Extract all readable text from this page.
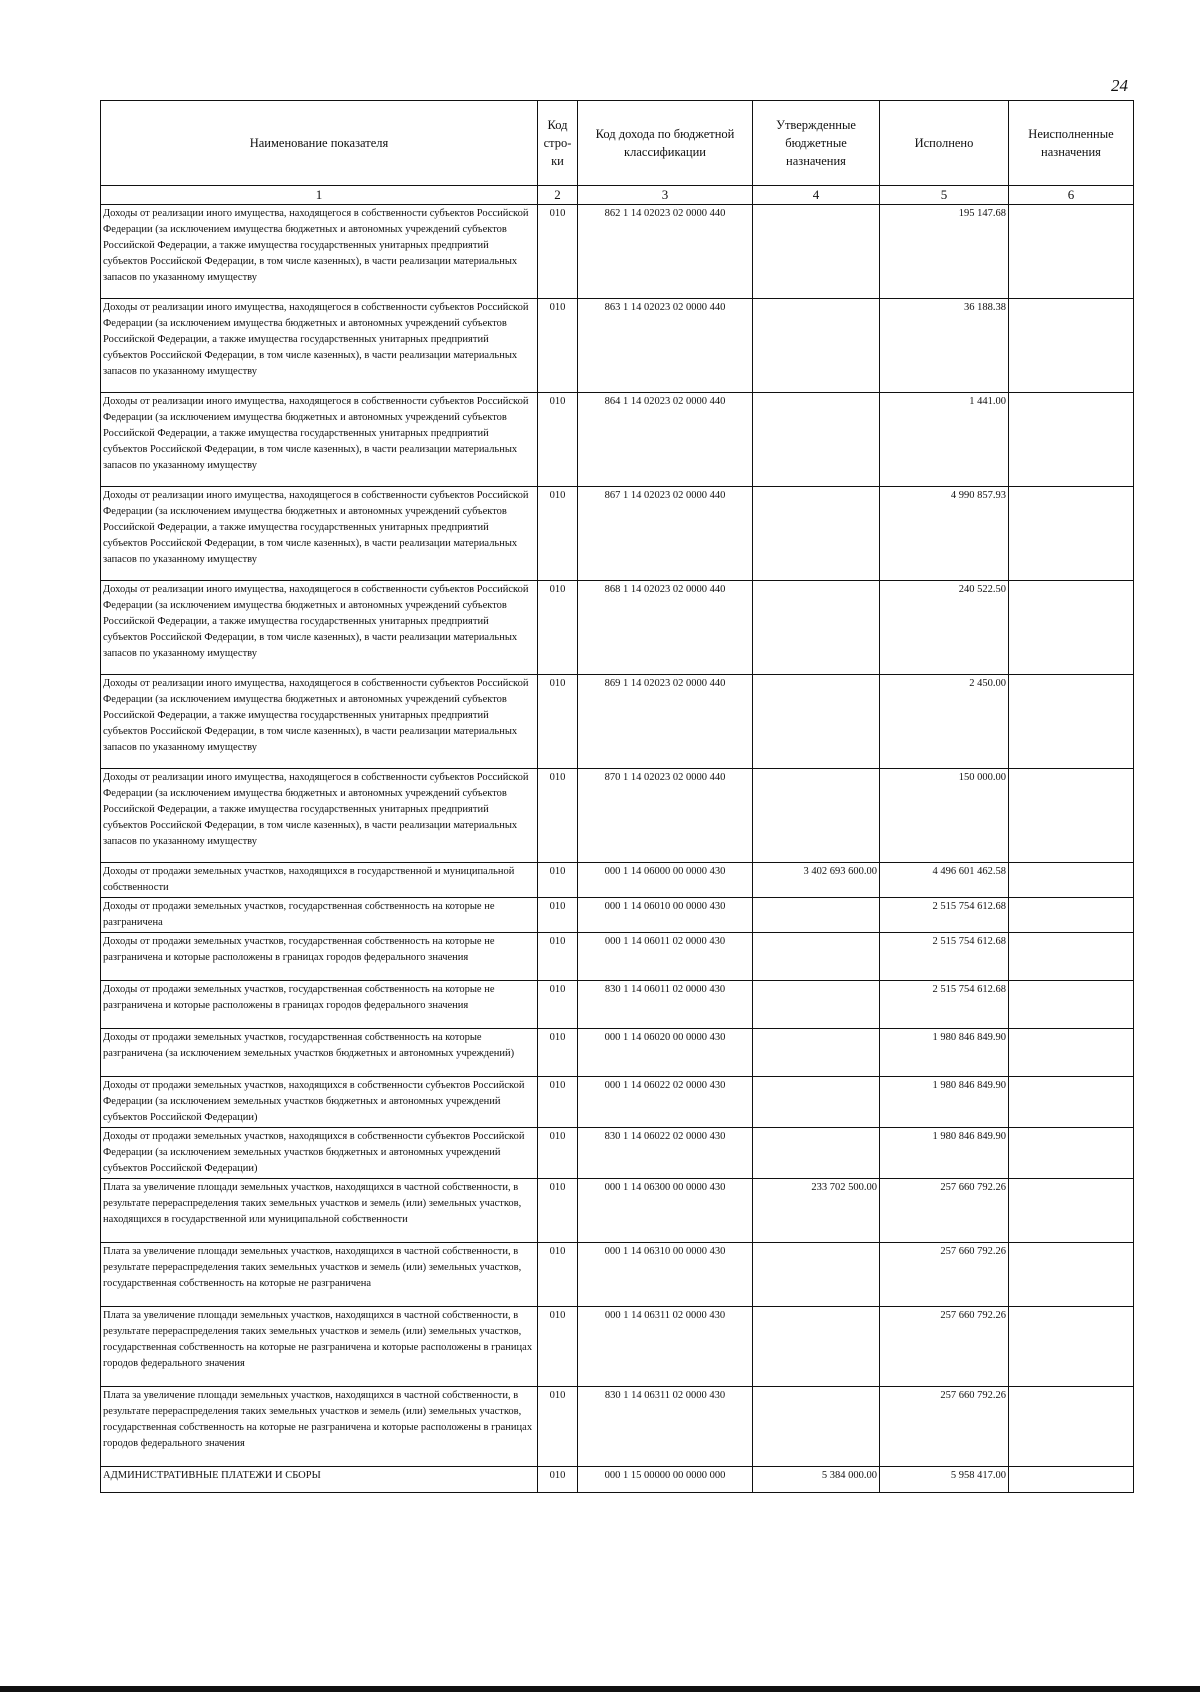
24
Наименование показателя	Код стро-ки	Код дохода по бюджетной классификации	Утвержденные бюджетные назначения	Исполнено	Неисполненные назначения
1	2	3	4	5	6
Доходы от реализации иного имущества, находящегося в собственности субъектов Российской Федерации (за исключением имущества бюджетных и автономных учреждений субъектов Российской Федерации, а также имущества государственных унитарных предприятий субъектов Российской Федерации, в том числе казенных), в части реализации материальных запасов по указанному имуществу	010	862 1 14 02023 02 0000 440		195 147.68	
Доходы от реализации иного имущества, находящегося в собственности субъектов Российской Федерации (за исключением имущества бюджетных и автономных учреждений субъектов Российской Федерации, а также имущества государственных унитарных предприятий субъектов Российской Федерации, в том числе казенных), в части реализации материальных запасов по указанному имуществу	010	863 1 14 02023 02 0000 440		36 188.38	
Доходы от реализации иного имущества, находящегося в собственности субъектов Российской Федерации (за исключением имущества бюджетных и автономных учреждений субъектов Российской Федерации, а также имущества государственных унитарных предприятий субъектов Российской Федерации, в том числе казенных), в части реализации материальных запасов по указанному имуществу	010	864 1 14 02023 02 0000 440		1 441.00	
Доходы от реализации иного имущества, находящегося в собственности субъектов Российской Федерации (за исключением имущества бюджетных и автономных учреждений субъектов Российской Федерации, а также имущества государственных унитарных предприятий субъектов Российской Федерации, в том числе казенных), в части реализации материальных запасов по указанному имуществу	010	867 1 14 02023 02 0000 440		4 990 857.93	
Доходы от реализации иного имущества, находящегося в собственности субъектов Российской Федерации (за исключением имущества бюджетных и автономных учреждений субъектов Российской Федерации, а также имущества государственных унитарных предприятий субъектов Российской Федерации, в том числе казенных), в части реализации материальных запасов по указанному имуществу	010	868 1 14 02023 02 0000 440		240 522.50	
Доходы от реализации иного имущества, находящегося в собственности субъектов Российской Федерации (за исключением имущества бюджетных и автономных учреждений субъектов Российской Федерации, а также имущества государственных унитарных предприятий субъектов Российской Федерации, в том числе казенных), в части реализации материальных запасов по указанному имуществу	010	869 1 14 02023 02 0000 440		2 450.00	
Доходы от реализации иного имущества, находящегося в собственности субъектов Российской Федерации (за исключением имущества бюджетных и автономных учреждений субъектов Российской Федерации, а также имущества государственных унитарных предприятий субъектов Российской Федерации, в том числе казенных), в части реализации материальных запасов по указанному имуществу	010	870 1 14 02023 02 0000 440		150 000.00	
Доходы от продажи земельных участков, находящихся в государственной и муниципальной собственности	010	000 1 14 06000 00 0000 430	3 402 693 600.00	4 496 601 462.58	
Доходы от продажи земельных участков, государственная собственность на которые не разграничена	010	000 1 14 06010 00 0000 430		2 515 754 612.68	
Доходы от продажи земельных участков, государственная собственность на которые не разграничена и которые расположены в границах городов федерального значения	010	000 1 14 06011 02 0000 430		2 515 754 612.68	
Доходы от продажи земельных участков, государственная собственность на которые не разграничена и которые расположены в границах городов федерального значения	010	830 1 14 06011 02 0000 430		2 515 754 612.68	
Доходы от продажи земельных участков, государственная собственность на которые разграничена (за исключением земельных участков бюджетных и автономных учреждений)	010	000 1 14 06020 00 0000 430		1 980 846 849.90	
Доходы от продажи земельных участков, находящихся в собственности субъектов Российской Федерации (за исключением земельных участков бюджетных и автономных учреждений субъектов Российской Федерации)	010	000 1 14 06022 02 0000 430		1 980 846 849.90	
Доходы от продажи земельных участков, находящихся в собственности субъектов Российской Федерации (за исключением земельных участков бюджетных и автономных учреждений субъектов Российской Федерации)	010	830 1 14 06022 02 0000 430		1 980 846 849.90	
Плата за увеличение площади земельных участков, находящихся в частной собственности, в результате перераспределения таких земельных участков и земель (или) земельных участков, находящихся в государственной или муниципальной собственности	010	000 1 14 06300 00 0000 430	233 702 500.00	257 660 792.26	
Плата за увеличение площади земельных участков, находящихся в частной собственности, в результате перераспределения таких земельных участков и земель (или) земельных участков, государственная собственность на которые не разграничена	010	000 1 14 06310 00 0000 430		257 660 792.26	
Плата за увеличение площади земельных участков, находящихся в частной собственности, в результате перераспределения таких земельных участков и земель (или) земельных участков, государственная собственность на которые не разграничена и которые расположены в границах городов федерального значения	010	000 1 14 06311 02 0000 430		257 660 792.26	
Плата за увеличение площади земельных участков, находящихся в частной собственности, в результате перераспределения таких земельных участков и земель (или) земельных участков, государственная собственность на которые не разграничена и которые расположены в границах городов федерального значения	010	830 1 14 06311 02 0000 430		257 660 792.26	
АДМИНИСТРАТИВНЫЕ ПЛАТЕЖИ И СБОРЫ	010	000 1 15 00000 00 0000 000	5 384 000.00	5 958 417.00	
